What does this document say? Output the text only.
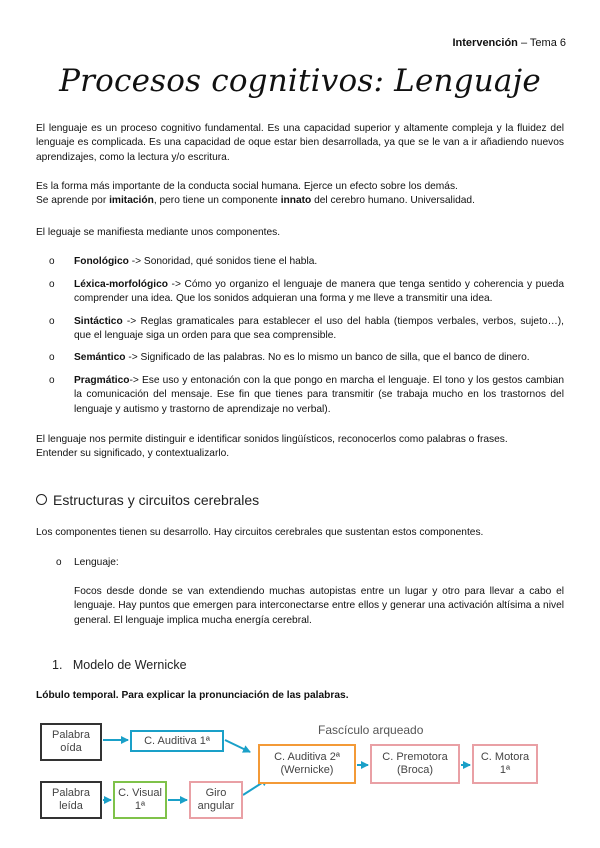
Intervención – Tema 6
Procesos cognitivos: Lenguaje
El lenguaje es un proceso cognitivo fundamental. Es una capacidad superior y altamente compleja y la fluidez del lenguaje es complicada. Es una capacidad de oque estar bien desarrollada, ya que se le van a ir añadiendo nuevos aprendizajes, como la lectura y/o escritura.
Es la forma más importante de la conducta social humana. Ejerce un efecto sobre los demás.
Se aprende por imitación, pero tiene un componente innato del cerebro humano. Universalidad.
El leguaje se manifiesta mediante unos componentes.
o Fonológico -> Sonoridad, qué sonidos tiene el habla.
o Léxica-morfológico -> Cómo yo organizo el lenguaje de manera que tenga sentido y coherencia y pueda comprender una idea. Que los sonidos adquieran una forma y me lleve a transmitir una idea.
o Sintáctico -> Reglas gramaticales para establecer el uso del habla (tiempos verbales, verbos, sujeto…), que el lenguaje siga un orden para que sea comprensible.
o Semántico -> Significado de las palabras. No es lo mismo un banco de silla, que el banco de dinero.
o Pragmático-> Ese uso y entonación con la que pongo en marcha el lenguaje. El tono y los gestos cambian la comunicación del mensaje. Ese fin que tienes para transmitir (se trabaja mucho en los trastornos del lenguaje y autismo y trastorno de aprendizaje no verbal).
El lenguaje nos permite distinguir e identificar sonidos lingüísticos, reconocerlos como palabras o frases.
Entender su significado, y contextualizarlo.
Estructuras y circuitos cerebrales
Los componentes tienen su desarrollo. Hay circuitos cerebrales que sustentan estos componentes.
o Lenguaje:
Focos desde donde se van extendiendo muchas autopistas entre un lugar y otro para llevar a cabo el lenguaje. Hay puntos que emergen para interconectarse entre ellos y generar una activación altísima a nivel general. El lenguaje implica mucha energía cerebral.
1. Modelo de Wernicke
Lóbulo temporal. Para explicar la pronunciación de las palabras.
Fascículo arqueado
Palabra
oída
C. Auditiva 1ª
C. Auditiva 2ª
(Wernicke)
C. Premotora
(Broca)
C. Motora
1ª
Palabra
leída
C. Visual
1ª
Giro
angular
